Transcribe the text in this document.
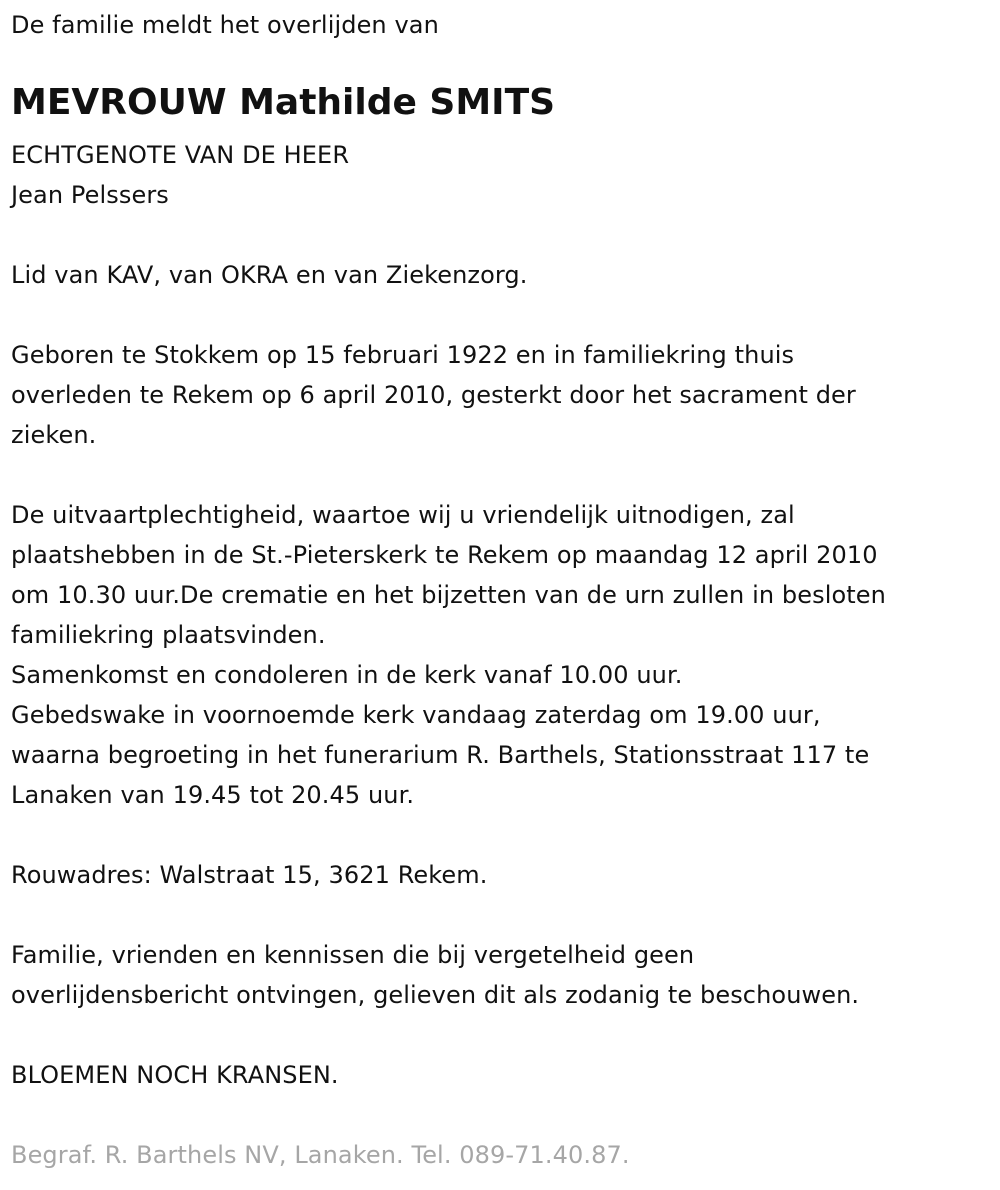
De familie meldt het overlijden van

MEVROUW Mathilde SMITS

ECHTGENOTE VAN DE HEER

Jean Pelssers

Lid van KAV, van OKRA en van Ziekenzorg.

Geboren te Stokkem op 15 februari 1922 en in familiekring thuis

overleden te Rekem op 6 april 2010, gesterkt door het sacrament der

zieken.

De uitvaartplechtigheid, waartoe wij u vriendelijk uitnodigen, zal

plaatshebben in de St.-Pieterskerk te Rekem op maandag 12 april 2010

om 10.30 uur.De crematie en het bijzetten van de urn zullen in besloten

familiekring plaatsvinden.

Samenkomst en condoleren in de kerk vanaf 10.00 uur.

Gebedswake in voornoemde kerk vandaag zaterdag om 19.00 uur,

waarna begroeting in het funerarium R. Barthels, Stationsstraat 117 te

Lanaken van 19.45 tot 20.45 uur.

Rouwadres: Walstraat 15, 3621 Rekem.

Familie, vrienden en kennissen die bij vergetelheid geen

overlijdensbericht ontvingen, gelieven dit als zodanig te beschouwen.

BLOEMEN NOCH KRANSEN.

Begraf. R. Barthels NV, Lanaken. Tel. 089-71.40.87.
